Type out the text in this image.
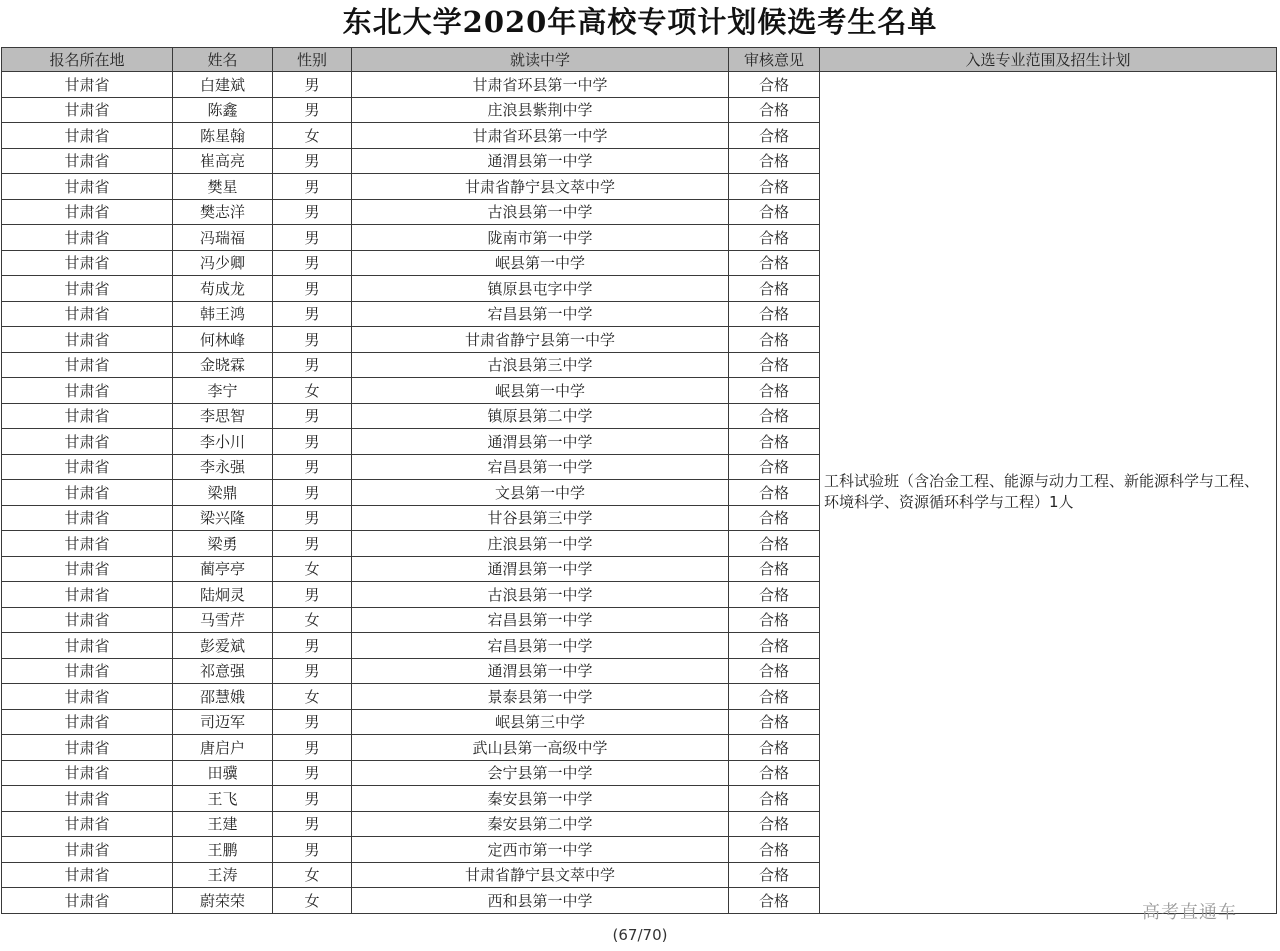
东北大学2020年高校专项计划候选考生名单
报名所在地	姓名	性别	就读中学	审核意见	入选专业范围及招生计划
甘肃省	白建斌	男	甘肃省环县第一中学	合格	工科试验班（含冶金工程、能源与动力工程、新能源科学与工程、环境科学、资源循环科学与工程）1人
甘肃省	陈鑫	男	庄浪县紫荆中学	合格	
甘肃省	陈星翰	女	甘肃省环县第一中学	合格	
甘肃省	崔高亮	男	通渭县第一中学	合格	
甘肃省	樊星	男	甘肃省静宁县文萃中学	合格	
甘肃省	樊志洋	男	古浪县第一中学	合格	
甘肃省	冯瑞福	男	陇南市第一中学	合格	
甘肃省	冯少卿	男	岷县第一中学	合格	
甘肃省	苟成龙	男	镇原县屯字中学	合格	
甘肃省	韩王鸿	男	宕昌县第一中学	合格	
甘肃省	何林峰	男	甘肃省静宁县第一中学	合格	
甘肃省	金晓霖	男	古浪县第三中学	合格	
甘肃省	李宁	女	岷县第一中学	合格	
甘肃省	李思智	男	镇原县第二中学	合格	
甘肃省	李小川	男	通渭县第一中学	合格	
甘肃省	李永强	男	宕昌县第一中学	合格	
甘肃省	梁鼎	男	文县第一中学	合格	
甘肃省	梁兴隆	男	甘谷县第三中学	合格	
甘肃省	梁勇	男	庄浪县第一中学	合格	
甘肃省	蔺亭亭	女	通渭县第一中学	合格	
甘肃省	陆炯灵	男	古浪县第一中学	合格	
甘肃省	马雪芹	女	宕昌县第一中学	合格	
甘肃省	彭爱斌	男	宕昌县第一中学	合格	
甘肃省	祁意强	男	通渭县第一中学	合格	
甘肃省	邵慧娥	女	景泰县第一中学	合格	
甘肃省	司迈军	男	岷县第三中学	合格	
甘肃省	唐启户	男	武山县第一高级中学	合格	
甘肃省	田骥	男	会宁县第一中学	合格	
甘肃省	王飞	男	秦安县第一中学	合格	
甘肃省	王建	男	秦安县第二中学	合格	
甘肃省	王鹏	男	定西市第一中学	合格	
甘肃省	王涛	女	甘肃省静宁县文萃中学	合格	
甘肃省	蔚荣荣	女	西和县第一中学	合格	
高考直通车
(67/70)
